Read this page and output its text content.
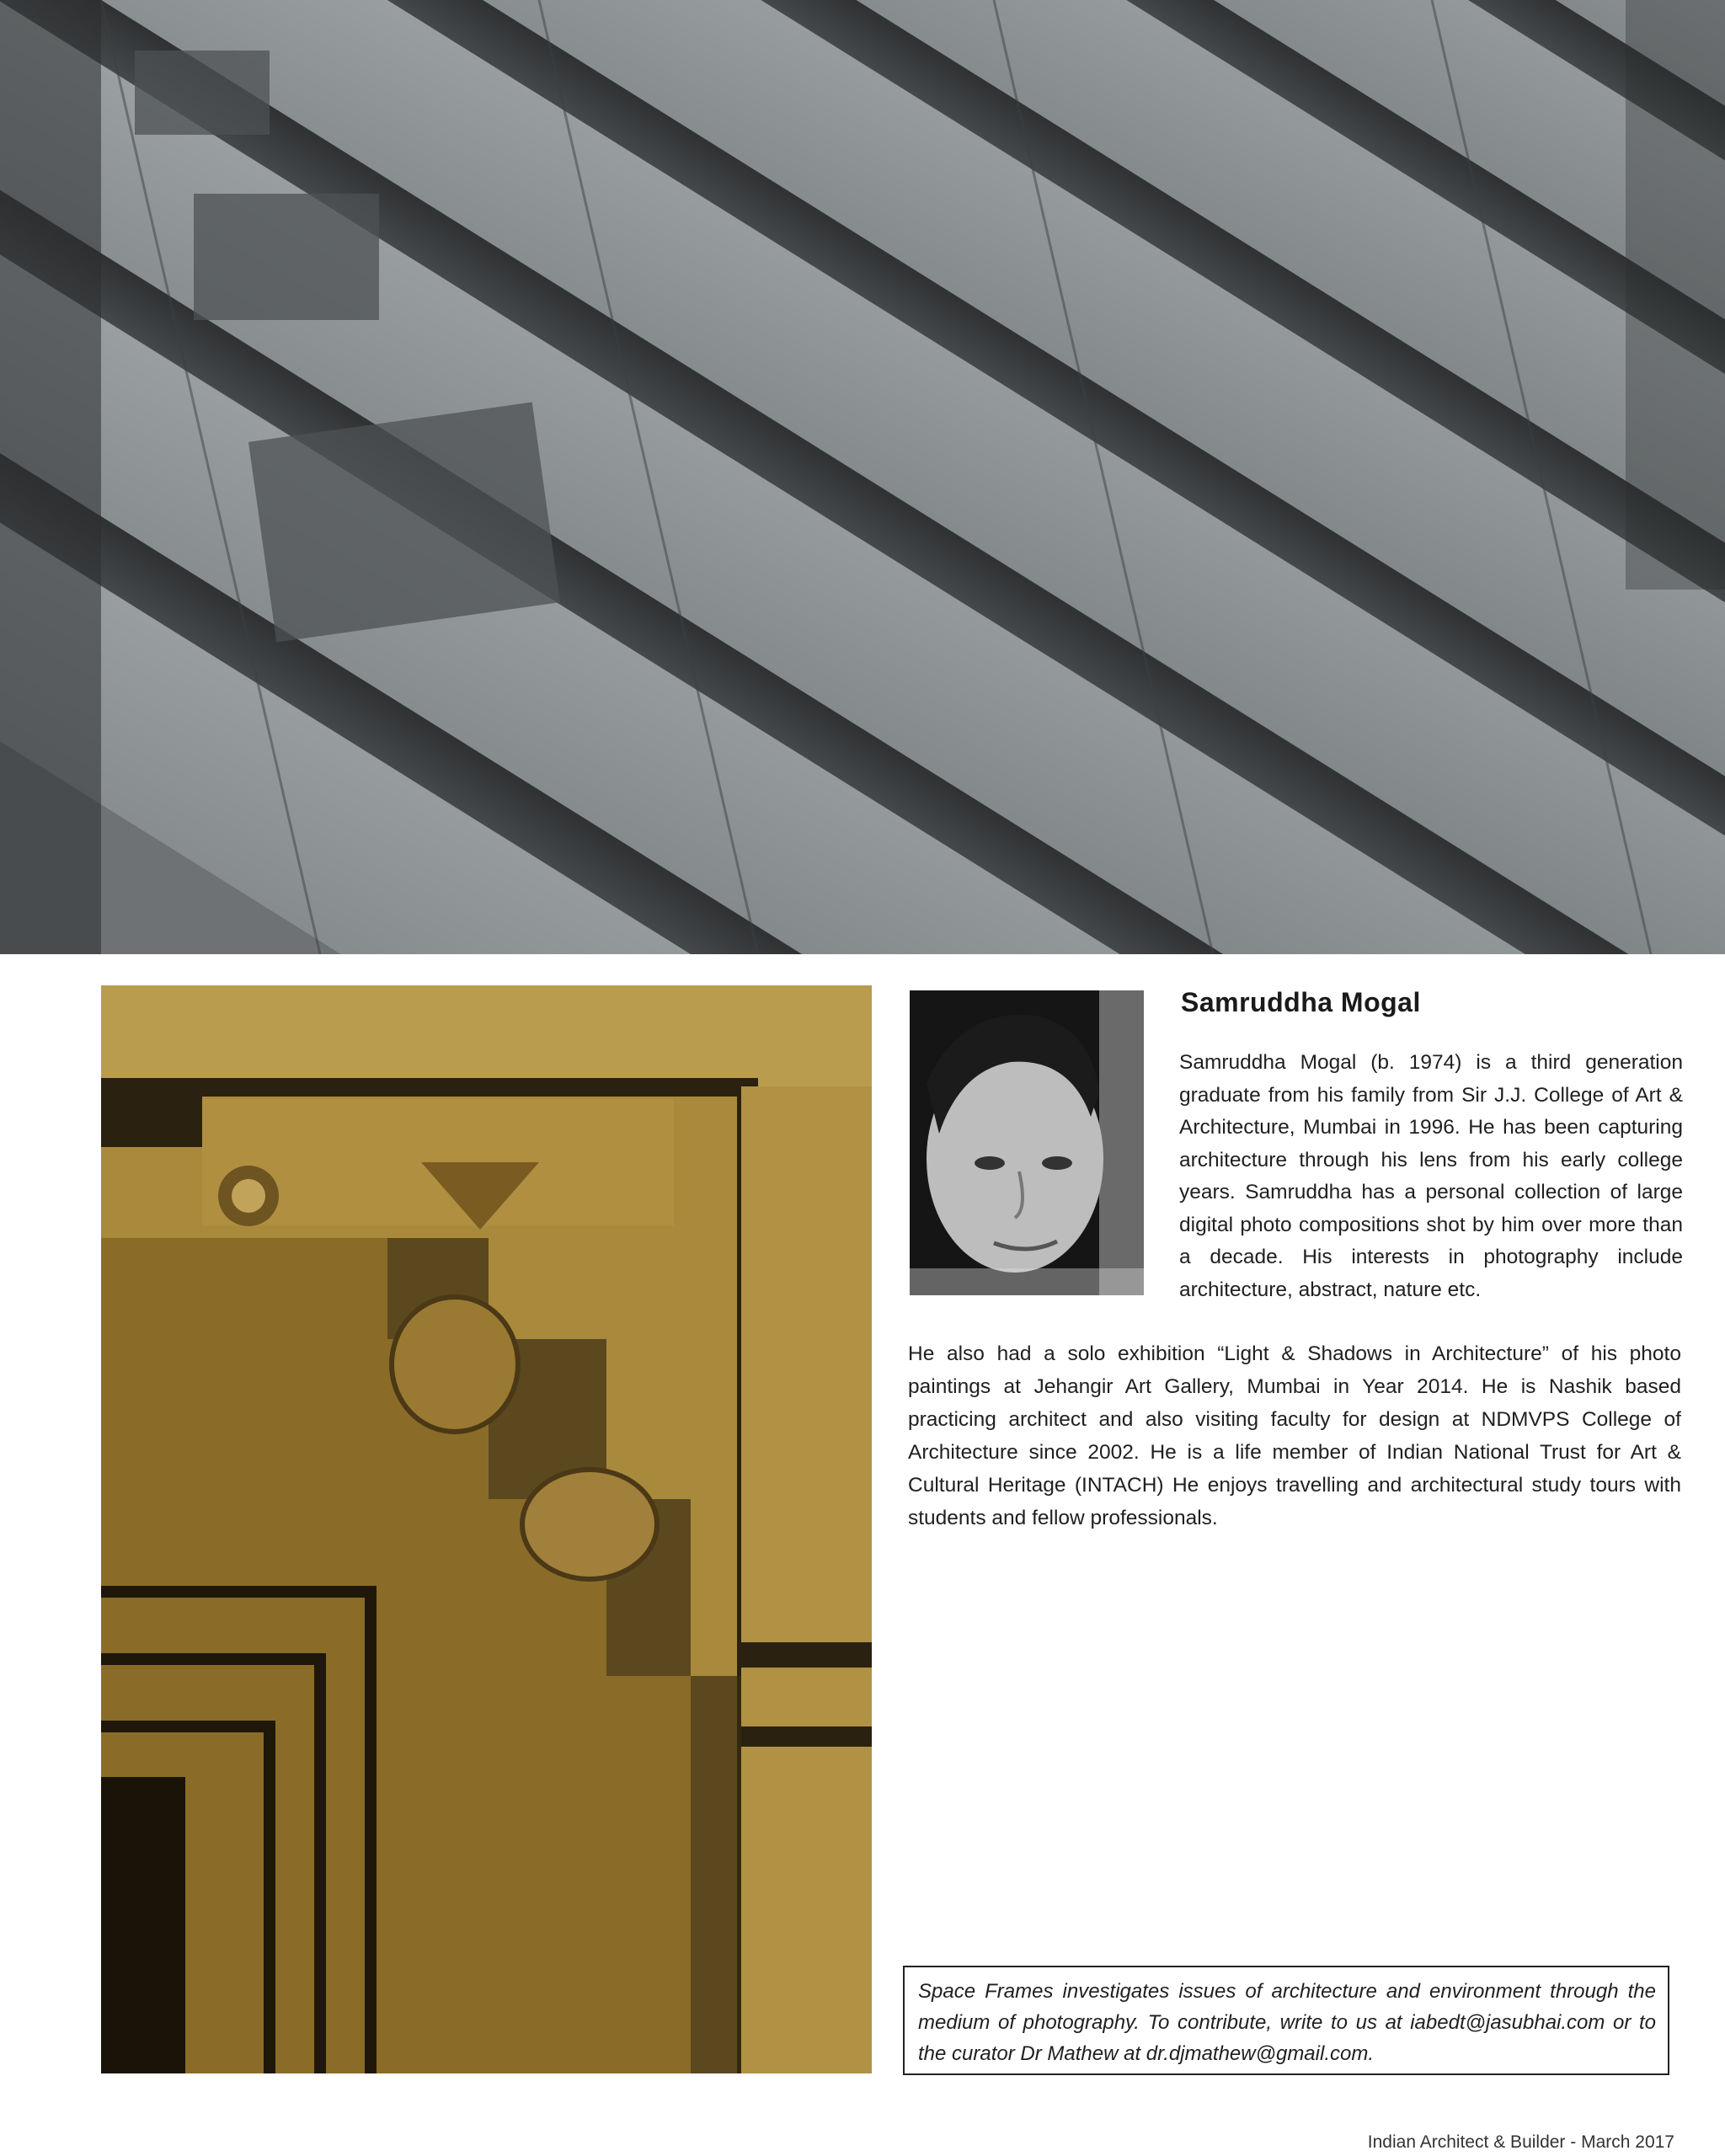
Samruddha Mogal

Samruddha Mogal (b. 1974) is a third generation graduate from his family from Sir J.J. College of Art & Architecture, Mumbai in 1996. He has been capturing architecture through his lens from his early college years. Samruddha has a personal collection of large digital photo compositions shot by him over more than a decade. His interests in photography include architecture, abstract, nature etc.

He also had a solo exhibition “Light & Shadows in Architecture” of his photo paintings at Jehangir Art Gallery, Mumbai in Year 2014. He is Nashik based practicing architect and also visiting faculty for design at NDMVPS College of Architecture since 2002. He is a life member of Indian National Trust for Art & Cultural Heritage (INTACH) He enjoys travelling and architectural study tours with students and fellow professionals.

Space Frames investigates issues of architecture and environment through the medium of photography. To contribute, write to us at iabedt@jasubhai.com or to the curator Dr Mathew at dr.djmathew@gmail.com.

Indian Architect & Builder - March 2017
